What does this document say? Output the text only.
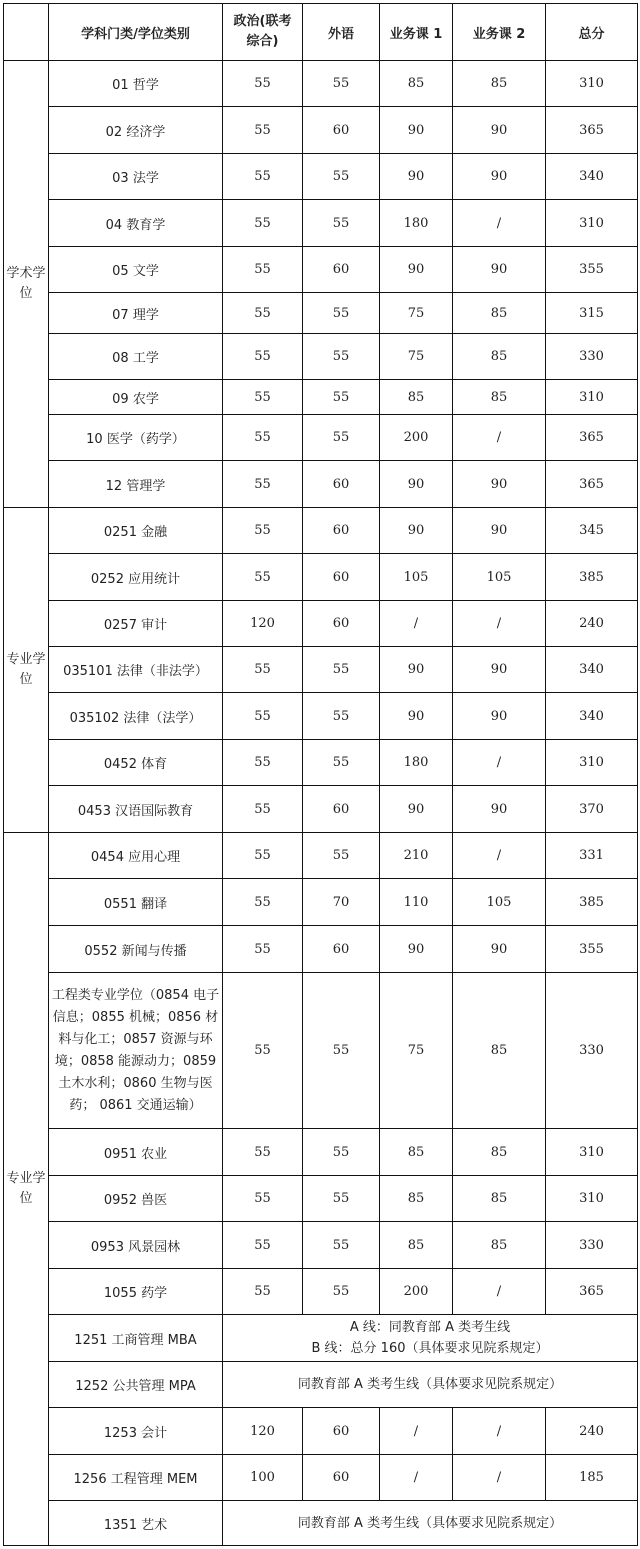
	学科门类/学位类别	政治(联考综合)	外语	业务课 1	业务课 2	总分
学术学位	01 哲学	55	55	85	85	310
	02 经济学	55	60	90	90	365
	03 法学	55	55	90	90	340
	04 教育学	55	55	180	/	310
	05 文学	55	60	90	90	355
	07 理学	55	55	75	85	315
	08 工学	55	55	75	85	330
	09 农学	55	55	85	85	310
	10 医学（药学）	55	55	200	/	365
	12 管理学	55	60	90	90	365
专业学位	0251 金融	55	60	90	90	345
	0252 应用统计	55	60	105	105	385
	0257 审计	120	60	/	/	240
	035101 法律（非法学）	55	55	90	90	340
	035102 法律（法学）	55	55	90	90	340
	0452 体育	55	55	180	/	310
	0453 汉语国际教育	55	60	90	90	370
专业学位	0454 应用心理	55	55	210	/	331
	0551 翻译	55	70	110	105	385
	0552 新闻与传播	55	60	90	90	355
	工程类专业学位（0854 电子信息；0855 机械；0856 材料与化工；0857 资源与环境；0858 能源动力；0859 土木水利；0860 生物与医药； 0861 交通运输）	55	55	75	85	330
	0951 农业	55	55	85	85	310
	0952 兽医	55	55	85	85	310
	0953 风景园林	55	55	85	85	330
	1055 药学	55	55	200	/	365
	1251 工商管理 MBA	A 线：同教育部 A 类考生线
B 线：总分 160（具体要求见院系规定）				

	1252 公共管理 MPA	同教育部 A 类考生线（具体要求见院系规定）				
	1253 会计	120	60	/	/	240
	1256 工程管理 MEM	100	60	/	/	185
	1351 艺术	同教育部 A 类考生线（具体要求见院系规定）				
